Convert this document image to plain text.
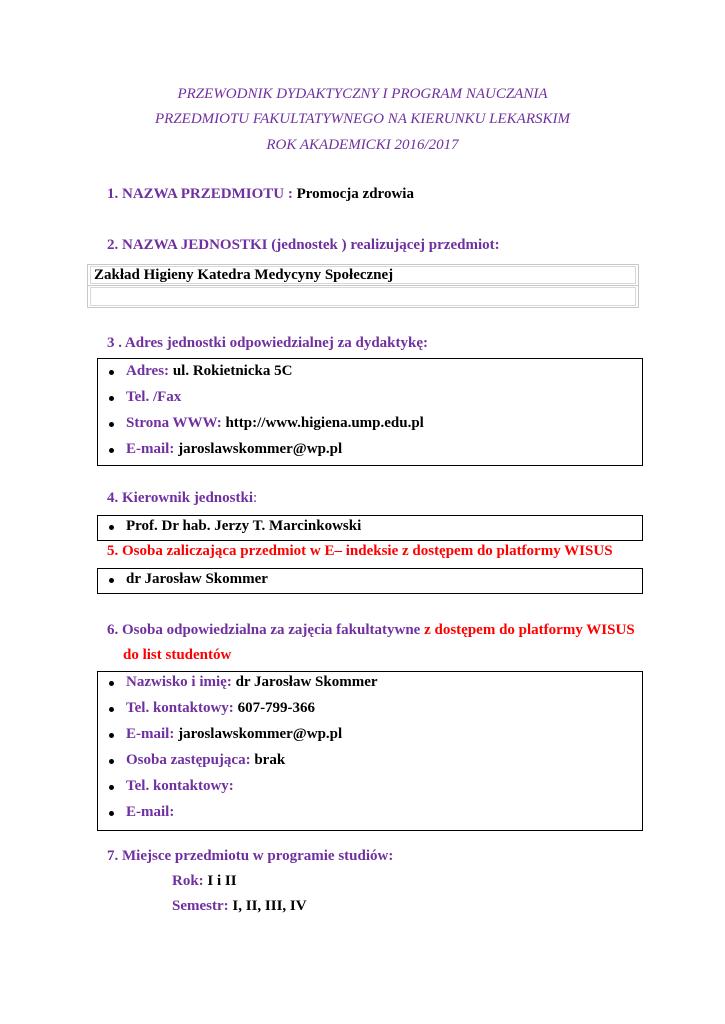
PRZEWODNIK DYDAKTYCZNY I PROGRAM NAUCZANIA
PRZEDMIOTU FAKULTATYWNEGO NA KIERUNKU LEKARSKIM
ROK AKADEMICKI 2016/2017
1. NAZWA PRZEDMIOTU : Promocja zdrowia
2. NAZWA JEDNOSTKI (jednostek ) realizującej przedmiot:
Zakład Higieny Katedra Medycyny Społecznej
3 . Adres jednostki odpowiedzialnej za dydaktykę:
Adres: ul. Rokietnicka 5C
Tel. /Fax
Strona WWW: http://www.higiena.ump.edu.pl
E-mail: jaroslawskommer@wp.pl
4. Kierownik jednostki:
Prof. Dr hab. Jerzy T. Marcinkowski
5. Osoba zaliczająca przedmiot w E– indeksie z dostępem do platformy WISUS
dr Jarosław Skommer
6. Osoba odpowiedzialna za zajęcia fakultatywne z dostępem do platformy WISUS
do list studentów
Nazwisko i imię: dr Jarosław Skommer
Tel. kontaktowy: 607-799-366
E-mail: jaroslawskommer@wp.pl
Osoba zastępująca: brak
Tel. kontaktowy:
E-mail:
7. Miejsce przedmiotu w programie studiów:
Rok: I i II
Semestr: I, II, III, IV
